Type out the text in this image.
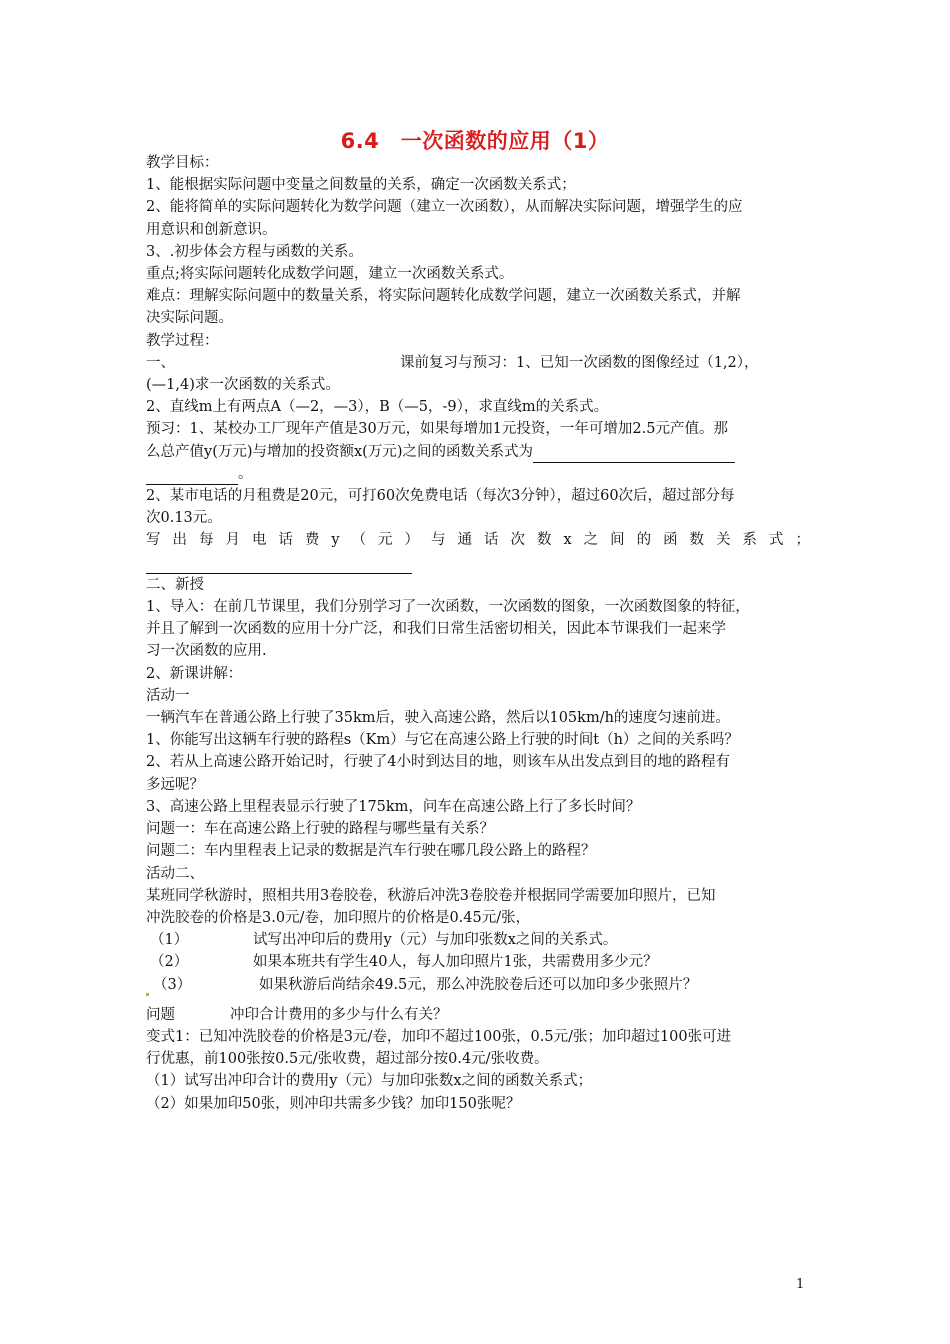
6.4　一次函数的应用（1）

教学目标：

1、能根据实际问题中变量之间数量的关系，确定一次函数关系式；

2、能将简单的实际问题转化为数学问题（建立一次函数），从而解决实际问题，增强学生的应

用意识和创新意识。

3、.初步体会方程与函数的关系。

重点;将实际问题转化成数学问题，建立一次函数关系式。

难点：理解实际问题中的数量关系，将实际问题转化成数学问题，建立一次函数关系式，并解

决实际问题。

教学过程：

一、	课前复习与预习：1、已知一次函数的图像经过（1,2），

(—1,4)求一次函数的关系式。

2、直线m上有两点A（—2，—3），B（—5，-9），求直线m的关系式。

预习：1、某校办工厂现年产值是30万元，如果每增加1元投资，一年可增加2.5元产值。那

么总产值y(万元)与增加的投资额x(万元)之间的函数关系式为

。

2、某市电话的月租费是20元，可打60次免费电话（每次3分钟），超过60次后，超过部分每

次0.13元。

写出每月电话费y（元）与通话次数x之间的函数关系式；

二、新授

1、导入：在前几节课里，我们分别学习了一次函数，一次函数的图象，一次函数图象的特征，

并且了解到一次函数的应用十分广泛，和我们日常生活密切相关，因此本节课我们一起来学

习一次函数的应用.

2、新课讲解：

活动一

一辆汽车在普通公路上行驶了35km后，驶入高速公路，然后以105km/h的速度匀速前进。

1、你能写出这辆车行驶的路程s（Km）与它在高速公路上行驶的时间t（h）之间的关系吗？

2、若从上高速公路开始记时，行驶了4小时到达目的地，则该车从出发点到目的地的路程有

多远呢？

3、高速公路上里程表显示行驶了175km，问车在高速公路上行了多长时间？

问题一：车在高速公路上行驶的路程与哪些量有关系？

问题二：车内里程表上记录的数据是汽车行驶在哪几段公路上的路程？

活动二、

某班同学秋游时，照相共用3卷胶卷，秋游后冲洗3卷胶卷并根据同学需要加印照片，已知

冲洗胶卷的价格是3.0元/卷，加印照片的价格是0.45元/张，

（1）	试写出冲印后的费用y（元）与加印张数x之间的关系式。

（2）	如果本班共有学生40人，每人加印照片1张，共需费用多少元？

（3）	如果秋游后尚结余49.5元，那么冲洗胶卷后还可以加印多少张照片？

问题	冲印合计费用的多少与什么有关？

变式1：已知冲洗胶卷的价格是3元/卷，加印不超过100张，0.5元/张；加印超过100张可进

行优惠，前100张按0.5元/张收费，超过部分按0.4元/张收费。

（1）试写出冲印合计的费用y（元）与加印张数x之间的函数关系式；

（2）如果加印50张，则冲印共需多少钱？加印150张呢？

1
